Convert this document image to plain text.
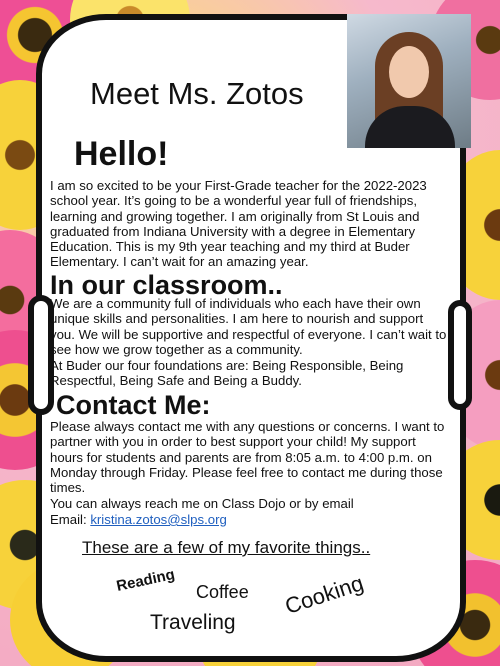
Meet Ms. Zotos
Hello!

I am so excited to be your First-Grade teacher for the 2022-2023 school year. It’s going to be a wonderful year full of friendships, learning and growing together. I am originally from St Louis and graduated from Indiana University with a degree in Elementary Education. This is my 9th year teaching and my third at Buder Elementary. I can’t wait for an amazing year.

In our classroom..

We are a community full of individuals who each have their own unique skills and personalities. I am here to nourish and support you. We will be supportive and respectful of everyone. I can’t wait to see how we grow together as a community.

At Buder our four foundations are: Being Responsible, Being Respectful, Being Safe and Being a Buddy.

Contact Me:

Please always contact me with any questions or concerns. I want to partner with you in order to best support your child! My support hours for students and parents are from 8:05 a.m. to 4:00 p.m. on Monday through Friday. Please feel free to contact me during those times.

You can always reach me on Class Dojo or by email

Email: kristina.zotos@slps.org
These are a few of my favorite things..
Reading Coffee Cooking
Traveling
